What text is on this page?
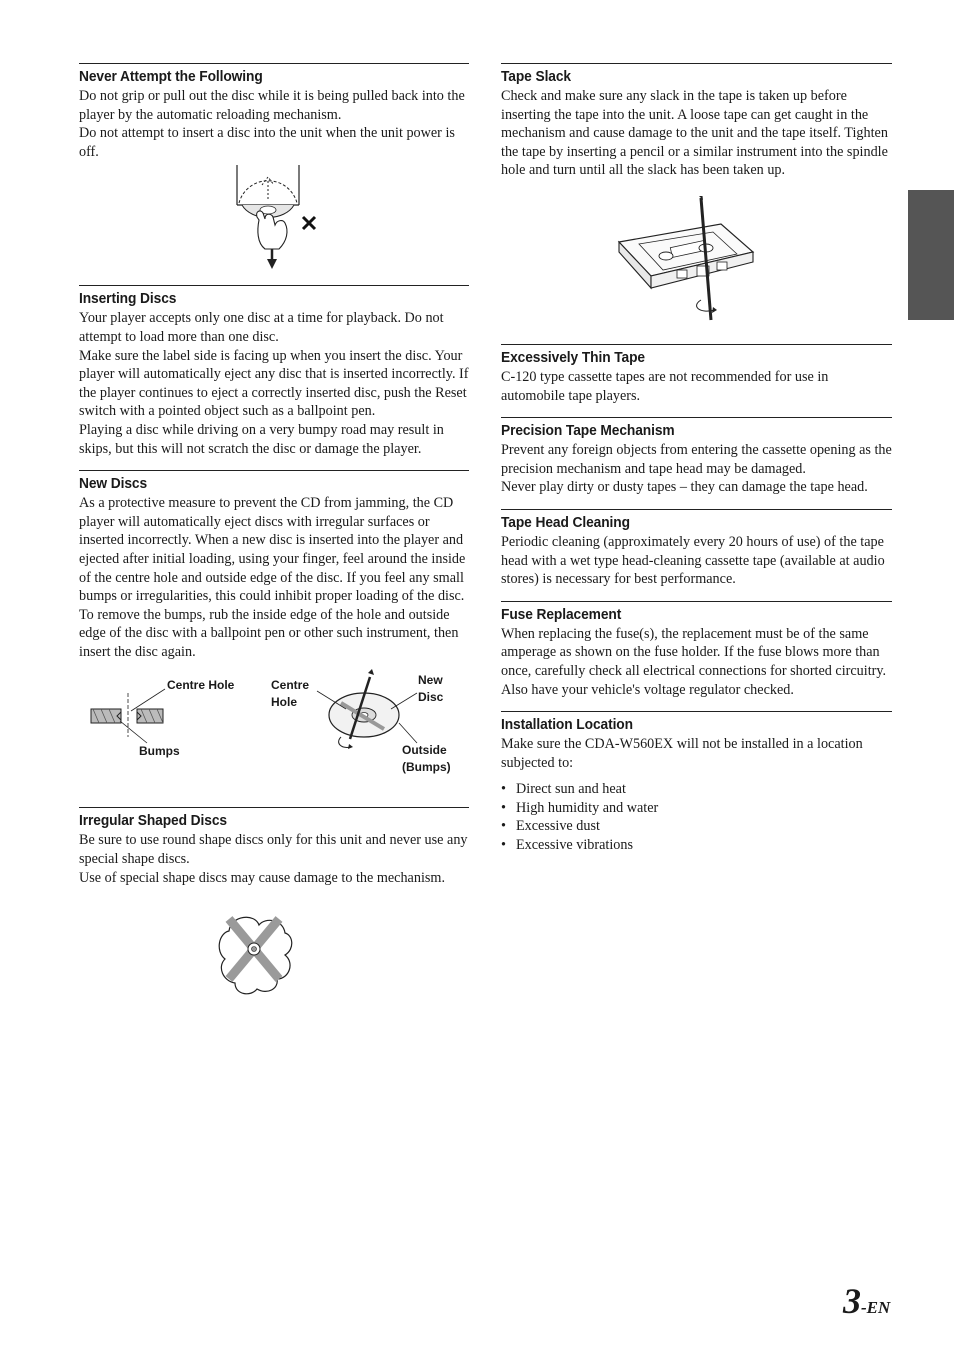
Never Attempt the Following

Do not grip or pull out the disc while it is being pulled back into the player by the automatic reloading mechanism.

Do not attempt to insert a disc into the unit when the unit power is off.

Inserting Discs

Your player accepts only one disc at a time for playback. Do not attempt to load more than one disc.

Make sure the label side is facing up when you insert the disc. Your player will automatically eject any disc that is inserted incorrectly. If the player continues to eject a correctly inserted disc, push the Reset switch with a pointed object such as a ballpoint pen.

Playing a disc while driving on a very bumpy road may result in skips, but this will not scratch the disc or damage the player.

New Discs

As a protective measure to prevent the CD from jamming, the CD player will automatically eject discs with irregular surfaces or inserted incorrectly. When a new disc is inserted into the player and ejected after initial loading, using your finger, feel around the inside of the centre hole and outside edge of the disc. If you feel any small bumps or irregularities, this could inhibit proper loading of the disc. To remove the bumps, rub the inside edge of the hole and outside edge of the disc with a ballpoint pen or other such instrument, then insert the disc again.

Centre Hole
Bumps
Centre
Hole
New
Disc
Outside
(Bumps)
Irregular Shaped Discs

Be sure to use round shape discs only for this unit and never use any special shape discs.

Use of special shape discs may cause damage to the mechanism.

Tape Slack

Check and make sure any slack in the tape is taken up before inserting the tape into the unit. A loose tape can get caught in the mechanism and cause damage to the unit and the tape itself. Tighten the tape by inserting a pencil or a similar instrument into the spindle hole and turn until all the slack has been taken up.

Excessively Thin Tape

C-120 type cassette tapes are not recommended for use in automobile tape players.

Precision Tape Mechanism

Prevent any foreign objects from entering the cassette opening as the precision mechanism and tape head may be damaged.

Never play dirty or dusty tapes – they can damage the tape head.

Tape Head Cleaning

Periodic cleaning (approximately every 20 hours of use) of the tape head with a wet type head-cleaning cassette tape (available at audio stores) is necessary for best performance.

Fuse Replacement

When replacing the fuse(s), the replacement must be of the same amperage as shown on the fuse holder. If the fuse blows more than once, carefully check all electrical connections for shorted circuitry. Also have your vehicle's voltage regulator checked.

Installation Location

Make sure the CDA-W560EX will not be installed in a location subjected to:

• Direct sun and heat
• High humidity and water
• Excessive dust
• Excessive vibrations
3-EN
